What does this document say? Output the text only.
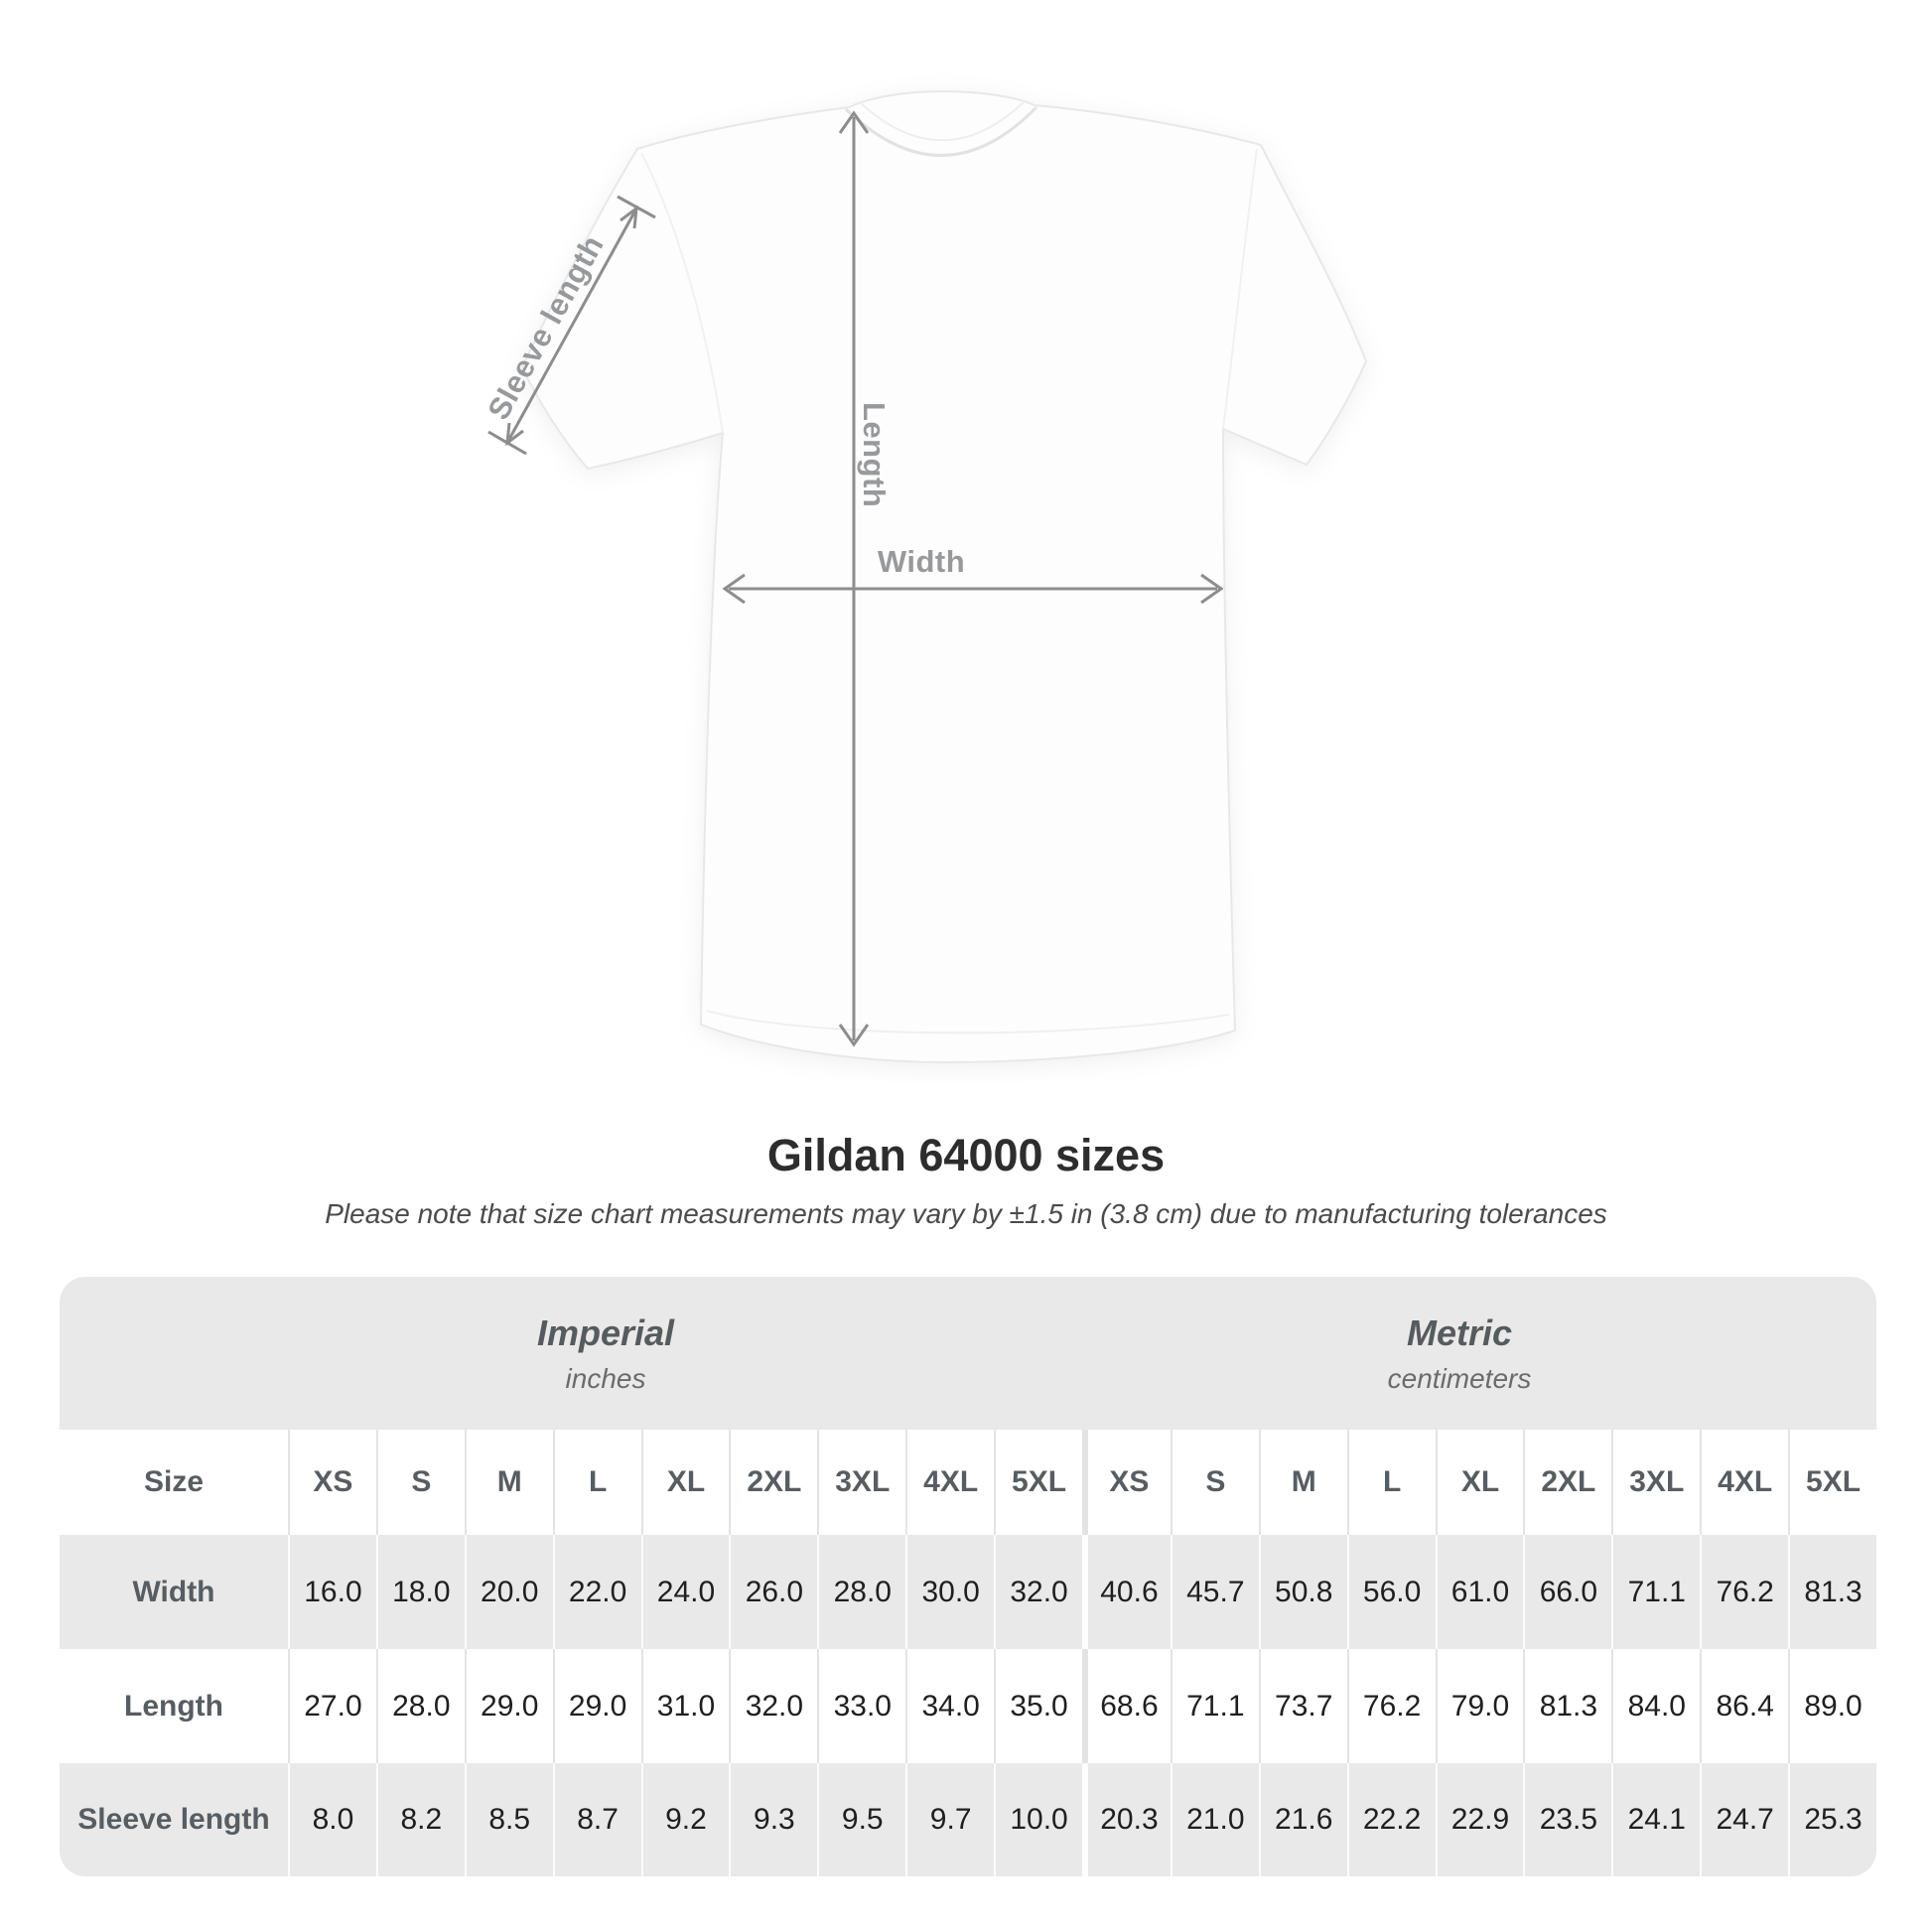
Sleeve length
Length
Width
Gildan 64000 sizes
Please note that size chart measurements may vary by ±1.5 in (3.8 cm) due to manufacturing tolerances
Imperial
inches
Metric
centimeters
Size	XS	S	M	L	XL	2XL	3XL	4XL	5XL	XS	S	M	L	XL	2XL	3XL	4XL	5XL
Width	16.0	18.0	20.0	22.0	24.0	26.0	28.0	30.0	32.0	40.6 45.7	50.8	56.0	61.0	66.0	71.1	76.2	81.3
Length	27.0	28.0	29.0	29.0	31.0	32.0	33.0	34.0	35.0	68.6 71.1	73.7	76.2	79.0	81.3	84.0	86.4	89.0
Sleeve length	8.0	8.2	8.5	8.7	9.2	9.3	9.5	9.7	10.0	20.3 21.0	21.6	22.2	22.9	23.5	24.1	24.7	25.3
